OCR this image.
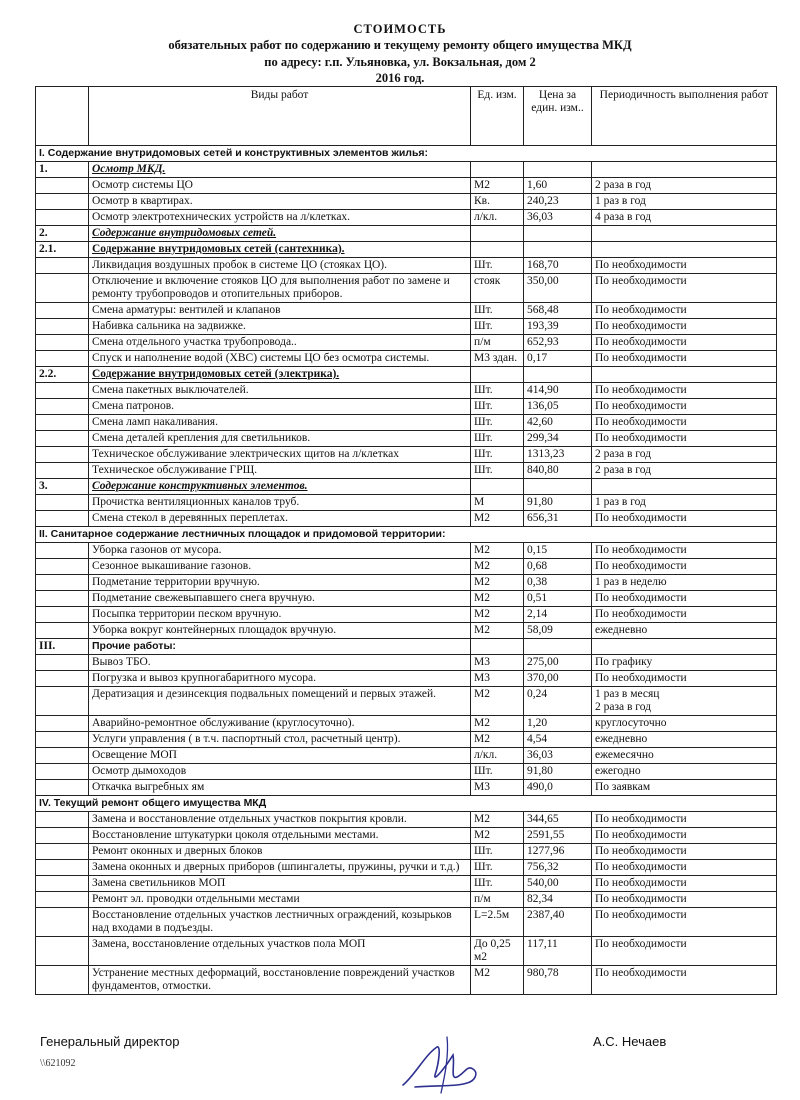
СТОИМОСТЬ
обязательных работ по содержанию и текущему ремонту общего имущества МКД
по адресу: г.п. Ульяновка, ул. Вокзальная, дом 2
2016 год.
	Виды работ	Ед. изм.	Цена за един. изм..	Периодичность выполнения работ
I. Содержание внутридомовых сетей и конструктивных элементов жилья:				
1.	Осмотр МКД.			
	Осмотр системы ЦО	М2	1,60	2 раза в год
	Осмотр в квартирах.	Кв.	240,23	1 раз в год
	Осмотр электротехнических устройств на л/клетках.	л/кл.	36,03	4 раза в год
2.	Содержание внутридомовых сетей.			
2.1.	Содержание внутридомовых сетей (сантехника).			
	Ликвидация воздушных пробок в системе ЦО (стояках ЦО).	Шт.	168,70	По необходимости
	Отключение и включение стояков ЦО для выполнения работ по замене и ремонту трубопроводов и отопительных приборов.	стояк	350,00	По необходимости
	Смена арматуры: вентилей и клапанов	Шт.	568,48	По необходимости
	Набивка сальника на задвижке.	Шт.	193,39	По необходимости
	Смена отдельного участка трубопровода..	п/м	652,93	По необходимости
	Спуск и наполнение водой (ХВС) системы ЦО без осмотра системы.	М3 здан.	0,17	По необходимости
2.2.	Содержание внутридомовых сетей (электрика).			
	Смена пакетных выключателей.	Шт.	414,90	По необходимости
	Смена патронов.	Шт.	136,05	По необходимости
	Смена ламп накаливания.	Шт.	42,60	По необходимости
	Смена деталей крепления для светильников.	Шт.	299,34	По необходимости
	Техническое обслуживание электрических щитов на л/клетках	Шт.	1313,23	2 раза в год
	Техническое обслуживание ГРЩ.	Шт.	840,80	2 раза в год
3.	Содержание конструктивных элементов.			
	Прочистка вентиляционных каналов труб.	М	91,80	1 раз в год
	Смена стекол в деревянных переплетах.	М2	656,31	По необходимости
II. Санитарное содержание лестничных площадок и придомовой территории:				
	Уборка газонов от мусора.	М2	0,15	По необходимости
	Сезонное выкашивание газонов.	М2	0,68	По необходимости
	Подметание территории вручную.	М2	0,38	1 раз в неделю
	Подметание свежевыпавшего снега вручную.	М2	0,51	По необходимости
	Посыпка территории песком вручную.	М2	2,14	По необходимости
	Уборка вокруг контейнерных площадок вручную.	М2	58,09	ежедневно
III.	Прочие работы:			
	Вывоз ТБО.	М3	275,00	По графику
	Погрузка и вывоз крупногабаритного мусора.	М3	370,00	По необходимости
	Дератизация и дезинсекция подвальных помещений и первых этажей.	М2	0,24	1 раз в месяц
2 раза в год
	Аварийно-ремонтное обслуживание (круглосуточно).	М2	1,20	круглосуточно
	Услуги управления ( в т.ч. паспортный стол, расчетный центр).	М2	4,54	ежедневно
	Освещение МОП	л/кл.	36,03	ежемесячно
	Осмотр дымоходов	Шт.	91,80	ежегодно
	Откачка выгребных ям	М3	490,0	По заявкам
IV. Текущий ремонт общего имущества МКД				
	Замена и восстановление отдельных участков покрытия кровли.	М2	344,65	По необходимости
	Восстановление штукатурки цоколя отдельными местами.	М2	2591,55	По необходимости
	Ремонт оконных и дверных блоков	Шт.	1277,96	По необходимости
	Замена оконных и дверных приборов (шпингалеты, пружины, ручки и т.д.)	Шт.	756,32	По необходимости
	Замена светильников МОП	Шт.	540,00	По необходимости
	Ремонт эл. проводки отдельными местами	п/м	82,34	По необходимости
	Восстановление отдельных участков лестничных ограждений, козырьков над входами в подъезды.	L=2.5м	2387,40	По необходимости
	Замена, восстановление отдельных участков пола МОП	До 0,25 м2	117,11	По необходимости
	Устранение местных деформаций, восстановление повреждений участков фундаментов, отмостки.	М2	980,78	По необходимости
Генеральный директор	А.С. Нечаев
\\621092
